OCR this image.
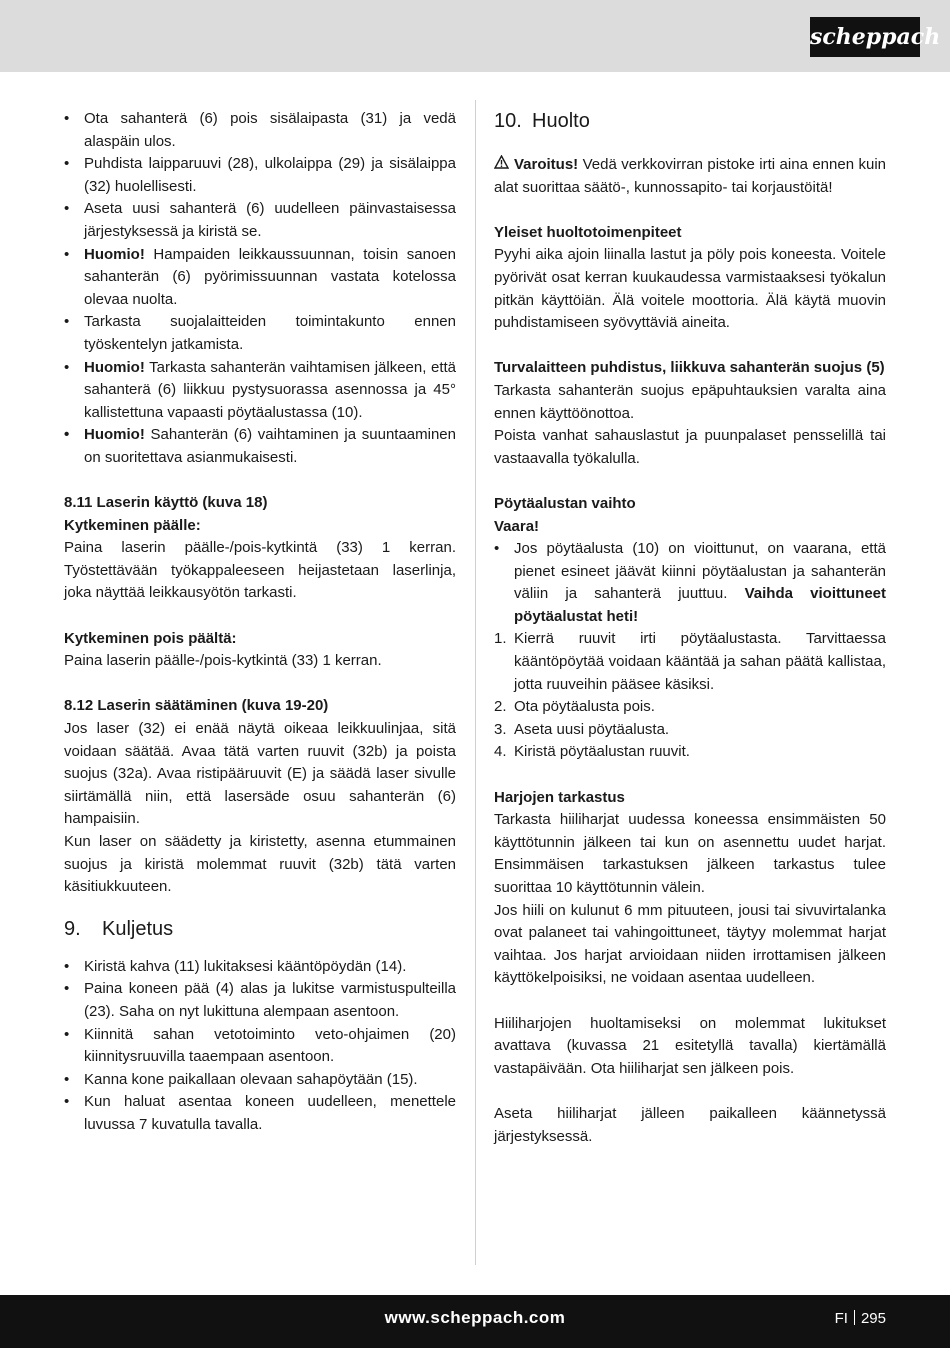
scheppach
• Ota sahanterä (6) pois sisälaipasta (31) ja vedä alaspäin ulos.
• Puhdista laipparuuvi (28), ulkolaippa (29) ja sisälaippa (32) huolellisesti.
• Aseta uusi sahanterä (6) uudelleen päinvastaisessa järjestyksessä ja kiristä se.
• Huomio! Hampaiden leikkaussuunnan, toisin sanoen sahanterän (6) pyörimissuunnan vastata kotelossa olevaa nuolta.
• Tarkasta suojalaitteiden toimintakunto ennen työskentelyn jatkamista.
• Huomio! Tarkasta sahanterän vaihtamisen jälkeen, että sahanterä (6) liikkuu pystysuorassa asennossa ja 45° kallistettuna vapaasti pöytäalustassa (10).
• Huomio! Sahanterän (6) vaihtaminen ja suuntaaminen on suoritettava asianmukaisesti.

8.11 Laserin käyttö (kuva 18)

Kytkeminen päälle:

Paina laserin päälle-/pois-kytkintä (33) 1 kerran. Työstettävään työkappaleeseen heijastetaan laserlinja, joka näyttää leikkausyötön tarkasti.

Kytkeminen pois päältä:

Paina laserin päälle-/pois-kytkintä (33) 1 kerran.

8.12 Laserin säätäminen (kuva 19-20)

Jos laser (32) ei enää näytä oikeaa leikkuulinjaa, sitä voidaan säätää. Avaa tätä varten ruuvit (32b) ja poista suojus (32a). Avaa ristipääruuvit (E) ja säädä laser sivulle siirtämällä niin, että lasersäde osuu sahanterän (6) hampaisiin.

Kun laser on säädetty ja kiristetty, asenna etummainen suojus ja kiristä molemmat ruuvit (32b) tätä varten käsitiukkuuteen.

9. Kuljetus
• Kiristä kahva (11) lukitaksesi kääntöpöydän (14).
• Paina koneen pää (4) alas ja lukitse varmistuspulteilla (23). Saha on nyt lukittuna alempaan asentoon.
• Kiinnitä sahan vetotoiminto veto-ohjaimen (20) kiinnitysruuvilla taaempaan asentoon.
• Kanna kone paikallaan olevaan sahapöytään (15).
• Kun haluat asentaa koneen uudelleen, menettele luvussa 7 kuvatulla tavalla.
10. Huolto

Varoitus! Vedä verkkovirran pistoke irti aina ennen kuin alat suorittaa säätö-, kunnossapito- tai korjaustöitä!

Yleiset huoltotoimenpiteet

Pyyhi aika ajoin liinalla lastut ja pöly pois koneesta. Voitele pyörivät osat kerran kuukaudessa varmistaaksesi työkalun pitkän käyttöiän. Älä voitele moottoria. Älä käytä muovin puhdistamiseen syövyttäviä aineita.

Turvalaitteen puhdistus, liikkuva sahanterän suojus (5)

Tarkasta sahanterän suojus epäpuhtauksien varalta aina ennen käyttöönottoa.

Poista vanhat sahauslastut ja puunpalaset pensselillä tai vastaavalla työkalulla.

Pöytäalustan vaihto

Vaara!

• Jos pöytäalusta (10) on vioittunut, on vaarana, että pienet esineet jäävät kiinni pöytäalustan ja sahanterän väliin ja sahanterä juuttuu. Vaihda vioittuneet pöytäalustat heti!
1. Kierrä ruuvit irti pöytäalustasta. Tarvittaessa kääntöpöytää voidaan kääntää ja sahan päätä kallistaa, jotta ruuveihin pääsee käsiksi.
2. Ota pöytäalusta pois.
3. Aseta uusi pöytäalusta.
4. Kiristä pöytäalustan ruuvit.

Harjojen tarkastus

Tarkasta hiiliharjat uudessa koneessa ensimmäisten 50 käyttötunnin jälkeen tai kun on asennettu uudet harjat. Ensimmäisen tarkastuksen jälkeen tarkastus tulee suorittaa 10 käyttötunnin välein.

Jos hiili on kulunut 6 mm pituuteen, jousi tai sivuvirtalanka ovat palaneet tai vahingoittuneet, täytyy molemmat harjat vaihtaa. Jos harjat arvioidaan niiden irrottamisen jälkeen käyttökelpoisiksi, ne voidaan asentaa uudelleen.

Hiiliharjojen huoltamiseksi on molemmat lukitukset avattava (kuvassa 21 esitetyllä tavalla) kiertämällä vastapäivään. Ota hiiliharjat sen jälkeen pois.

Aseta hiiliharjat jälleen paikalleen käännetyssä järjestyksessä.

www.scheppach.com	FI 295
